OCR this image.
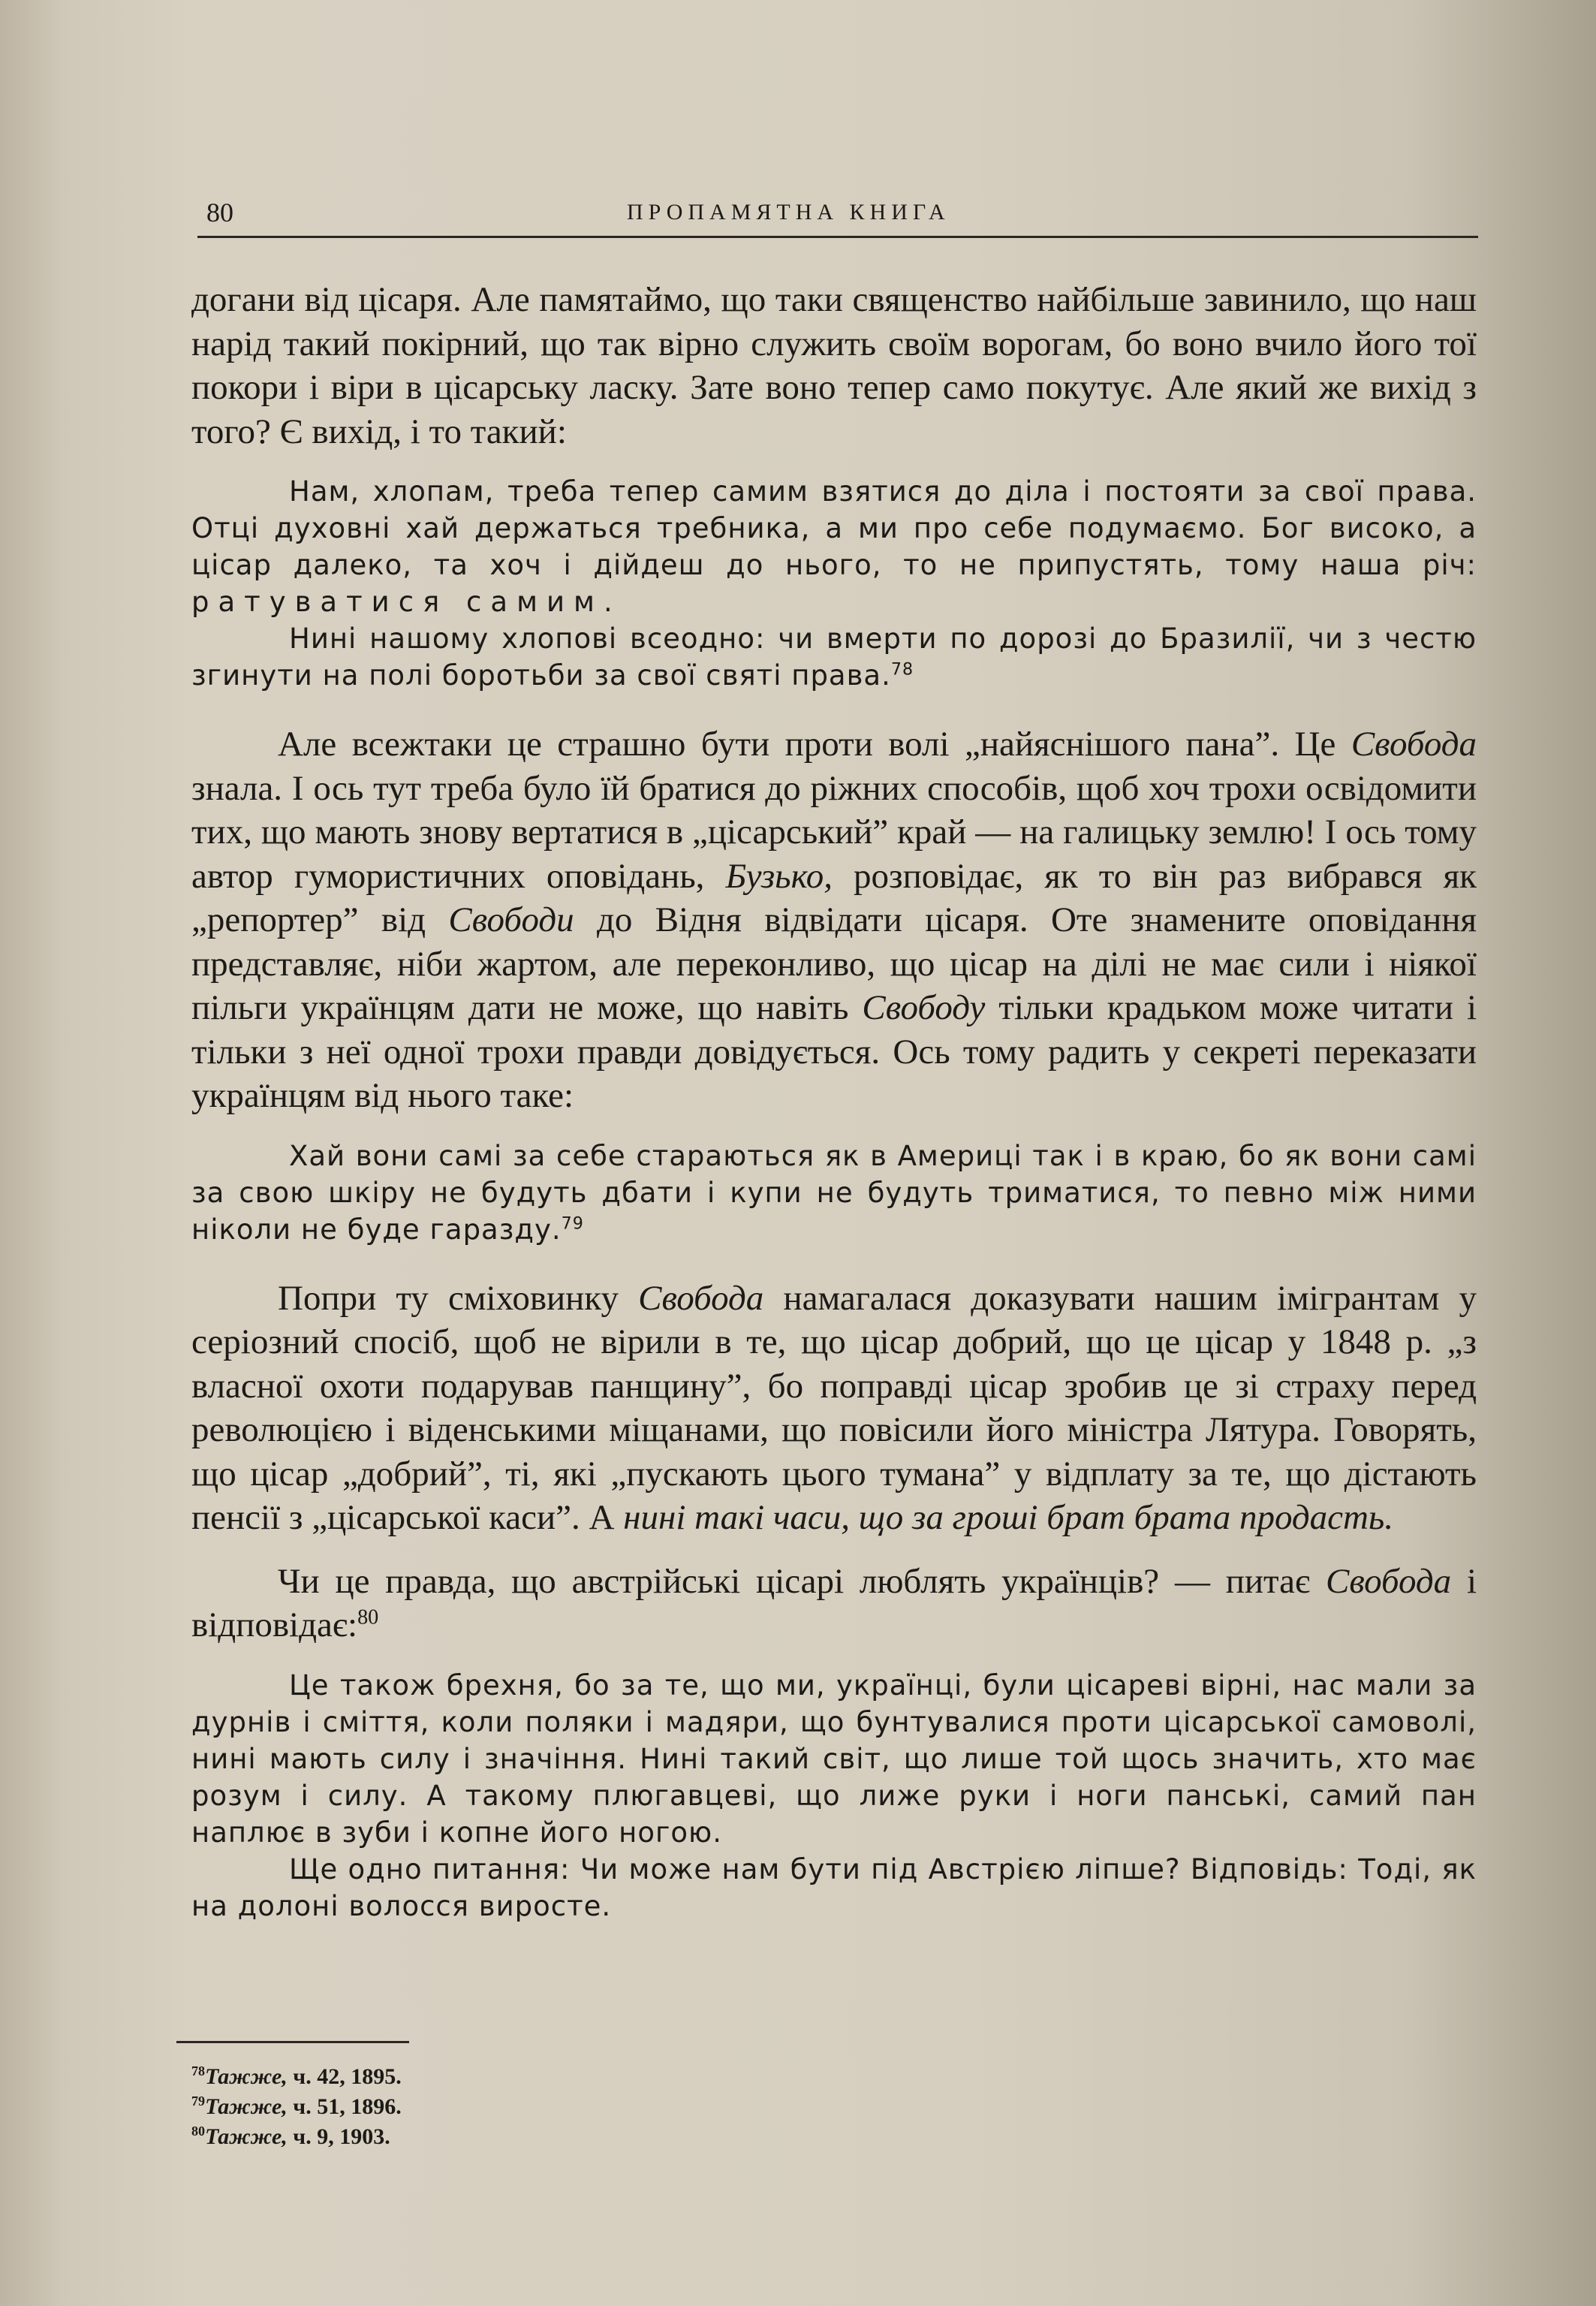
80	ПРОПАМЯТНА КНИГА

догани від цісаря. Але памятаймо, що таки священство найбільше завинило, що наш нарід такий покірний, що так вірно служить своїм ворогам, бо воно вчило його тої покори і віри в цісарську ласку. Зате воно тепер само покутує. Але який же вихід з того? Є вихід, і то такий:

Нам, хлопам, треба тепер самим взятися до діла і постояти за свої права. Отці духовні хай держаться требника, а ми про себе подумаємо. Бог високо, а цісар далеко, та хоч і дійдеш до нього, то не припустять, тому наша річ: ратуватися самим.

Нині нашому хлопові всеодно: чи вмерти по дорозі до Бразилії, чи з честю згинути на полі боротьби за свої святі права.$^{78}$

Але всежтаки це страшно бути проти волі „найяснішого пана”. Це Свобода знала. І ось тут треба було їй братися до ріжних способів, щоб хоч трохи освідомити тих, що мають знову вертатися в „цісарський” край — на галицьку землю! І ось тому автор гумористичних оповідань, Бузько, розповідає, як то він раз вибрався як „репортер” від Свободи до Відня відвідати цісаря. Оте знамените оповідання представляє, ніби жартом, але переконливо, що цісар на ділі не має сили і ніякої пільги українцям дати не може, що навіть Свободу тільки крадьком може читати і тільки з неї одної трохи правди довідується. Ось тому радить у секреті переказати українцям від нього таке:

Хай вони самі за себе стараються як в Америці так і в краю, бо як вони самі за свою шкіру не будуть дбати і купи не будуть триматися, то певно між ними ніколи не буде гаразду.$^{79}$

Попри ту сміховинку Свобода намагалася доказувати нашим імігрантам у серіозний спосіб, щоб не вірили в те, що цісар добрий, що це цісар у 1848 р. „з власної охоти подарував панщину”, бо поправді цісар зробив це зі страху перед революцією і віденськими міщанами, що повісили його міністра Лятура. Говорять, що цісар „добрий”, ті, які „пускають цього тумана” у відплату за те, що дістають пенсії з „цісарської каси”. А нині такі часи, що за гроші брат брата продасть.

Чи це правда, що австрійські цісарі люблять українців? — питає Свобода і відповідає:$^{80}$

Це також брехня, бо за те, що ми, українці, були цісареві вірні, нас мали за дурнів і сміття, коли поляки і мадяри, що бунтувалися проти цісарської самоволі, нині мають силу і значіння. Нині такий світ, що лише той щось значить, хто має розум і силу. А такому плюгавцеві, що лиже руки і ноги панські, самий пан наплює в зуби і копне його ногою.

Ще одно питання: Чи може нам бути під Австрією ліпше? Відповідь: Тоді, як на долоні волосся виросте.

$^{78}$Тажже, ч. 42, 1895.
$^{79}$Тажже, ч. 51, 1896.
$^{80}$Тажже, ч. 9, 1903.
